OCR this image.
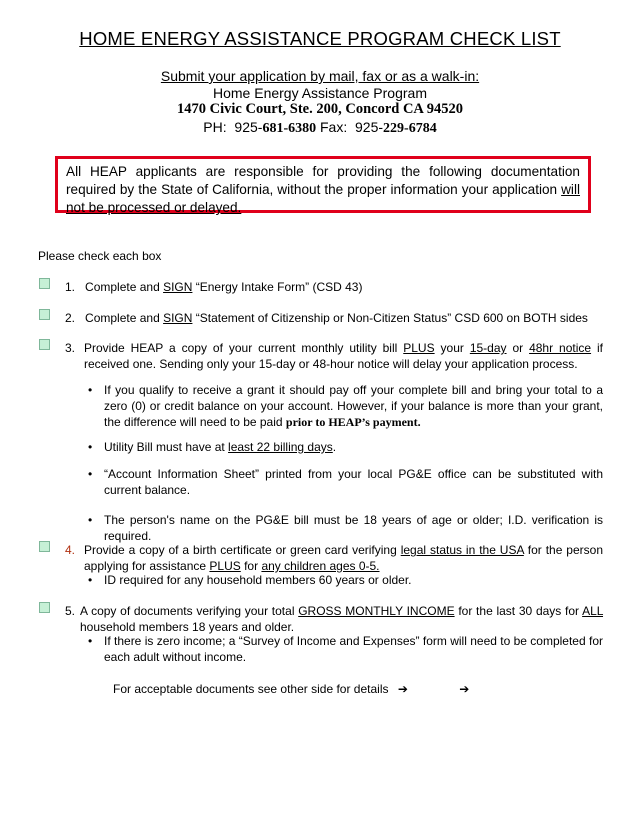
HOME ENERGY ASSISTANCE PROGRAM CHECK LIST
Submit your application by mail, fax or as a walk-in:
Home Energy Assistance Program
1470 Civic Court, Ste. 200, Concord CA 94520
PH: 925-681-6380 Fax: 925-229-6784
All HEAP applicants are responsible for providing the following documentation required by the State of California, without the proper information your application will not be processed or delayed.
Please check each box
1. Complete and SIGN “Energy Intake Form” (CSD 43)
2. Complete and SIGN “Statement of Citizenship or Non-Citizen Status” CSD 600 on BOTH sides
3. Provide HEAP a copy of your current monthly utility bill PLUS your 15-day or 48hr notice if received one. Sending only your 15-day or 48-hour notice will delay your application process.
• If you qualify to receive a grant it should pay off your complete bill and bring your total to a zero (0) or credit balance on your account. However, if your balance is more than your grant, the difference will need to be paid prior to HEAP’s payment.
• Utility Bill must have at least 22 billing days.
• “Account Information Sheet” printed from your local PG&E office can be substituted with current balance.
• The person's name on the PG&E bill must be 18 years of age or older; I.D. verification is required.
4. Provide a copy of a birth certificate or green card verifying legal status in the USA for the person applying for assistance PLUS for any children ages 0-5.
• ID required for any household members 60 years or older.
5. A copy of documents verifying your total GROSS MONTHLY INCOME for the last 30 days for ALL household members 18 years and older.
• If there is zero income; a “Survey of Income and Expenses” form will need to be completed for each adult without income.
For acceptable documents see other side for details ➔	➔
